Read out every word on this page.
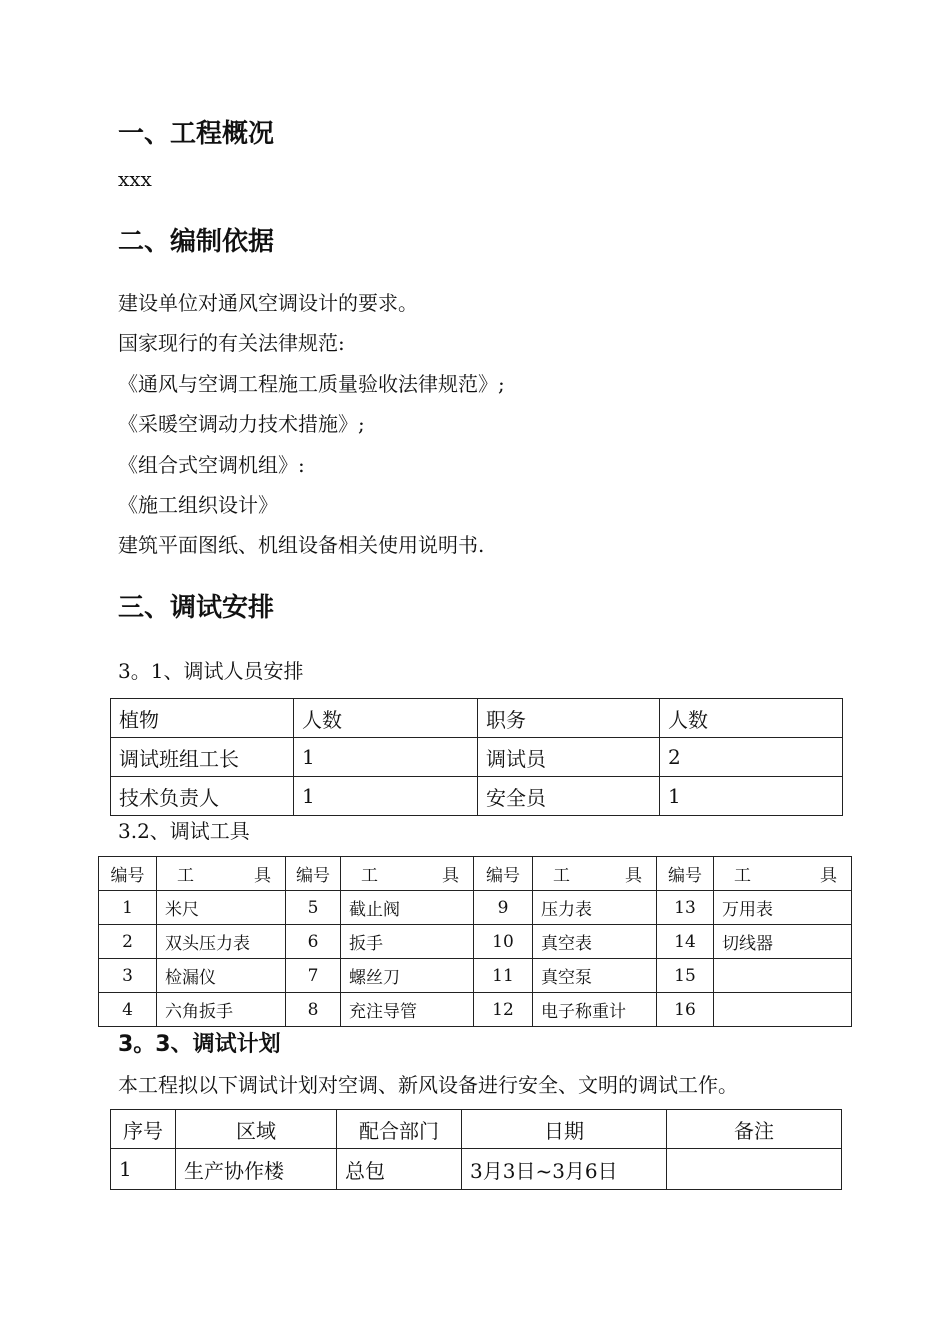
一、工程概况
xxx
二、编制依据
建设单位对通风空调设计的要求。
国家现行的有关法律规范:
《通风与空调工程施工质量验收法律规范》;
《采暖空调动力技术措施》;
《组合式空调机组》:
《施工组织设计》
建筑平面图纸、机组设备相关使用说明书.
三、调试安排
3。1、调试人员安排
植物	人数	职务	人数
调试班组工长	1	调试员	2
技术负责人	1	安全员	1
3.2、调试工具
编号	工 具	编号	工 具	编号	工 具	编号	工 具

1	米尺	5	截止阀	9	压力表	13	万用表
2	双头压力表	6	扳手	10	真空表	14	切线器
3	检漏仪	7	螺丝刀	11	真空泵	15	
4	六角扳手	8	充注导管	12	电子称重计	16	
3。3、调试计划
本工程拟以下调试计划对空调、新风设备进行安全、文明的调试工作。
序号	区域	配合部门	日期	备注
1	生产协作楼	总包	3月3日~3月6日	
